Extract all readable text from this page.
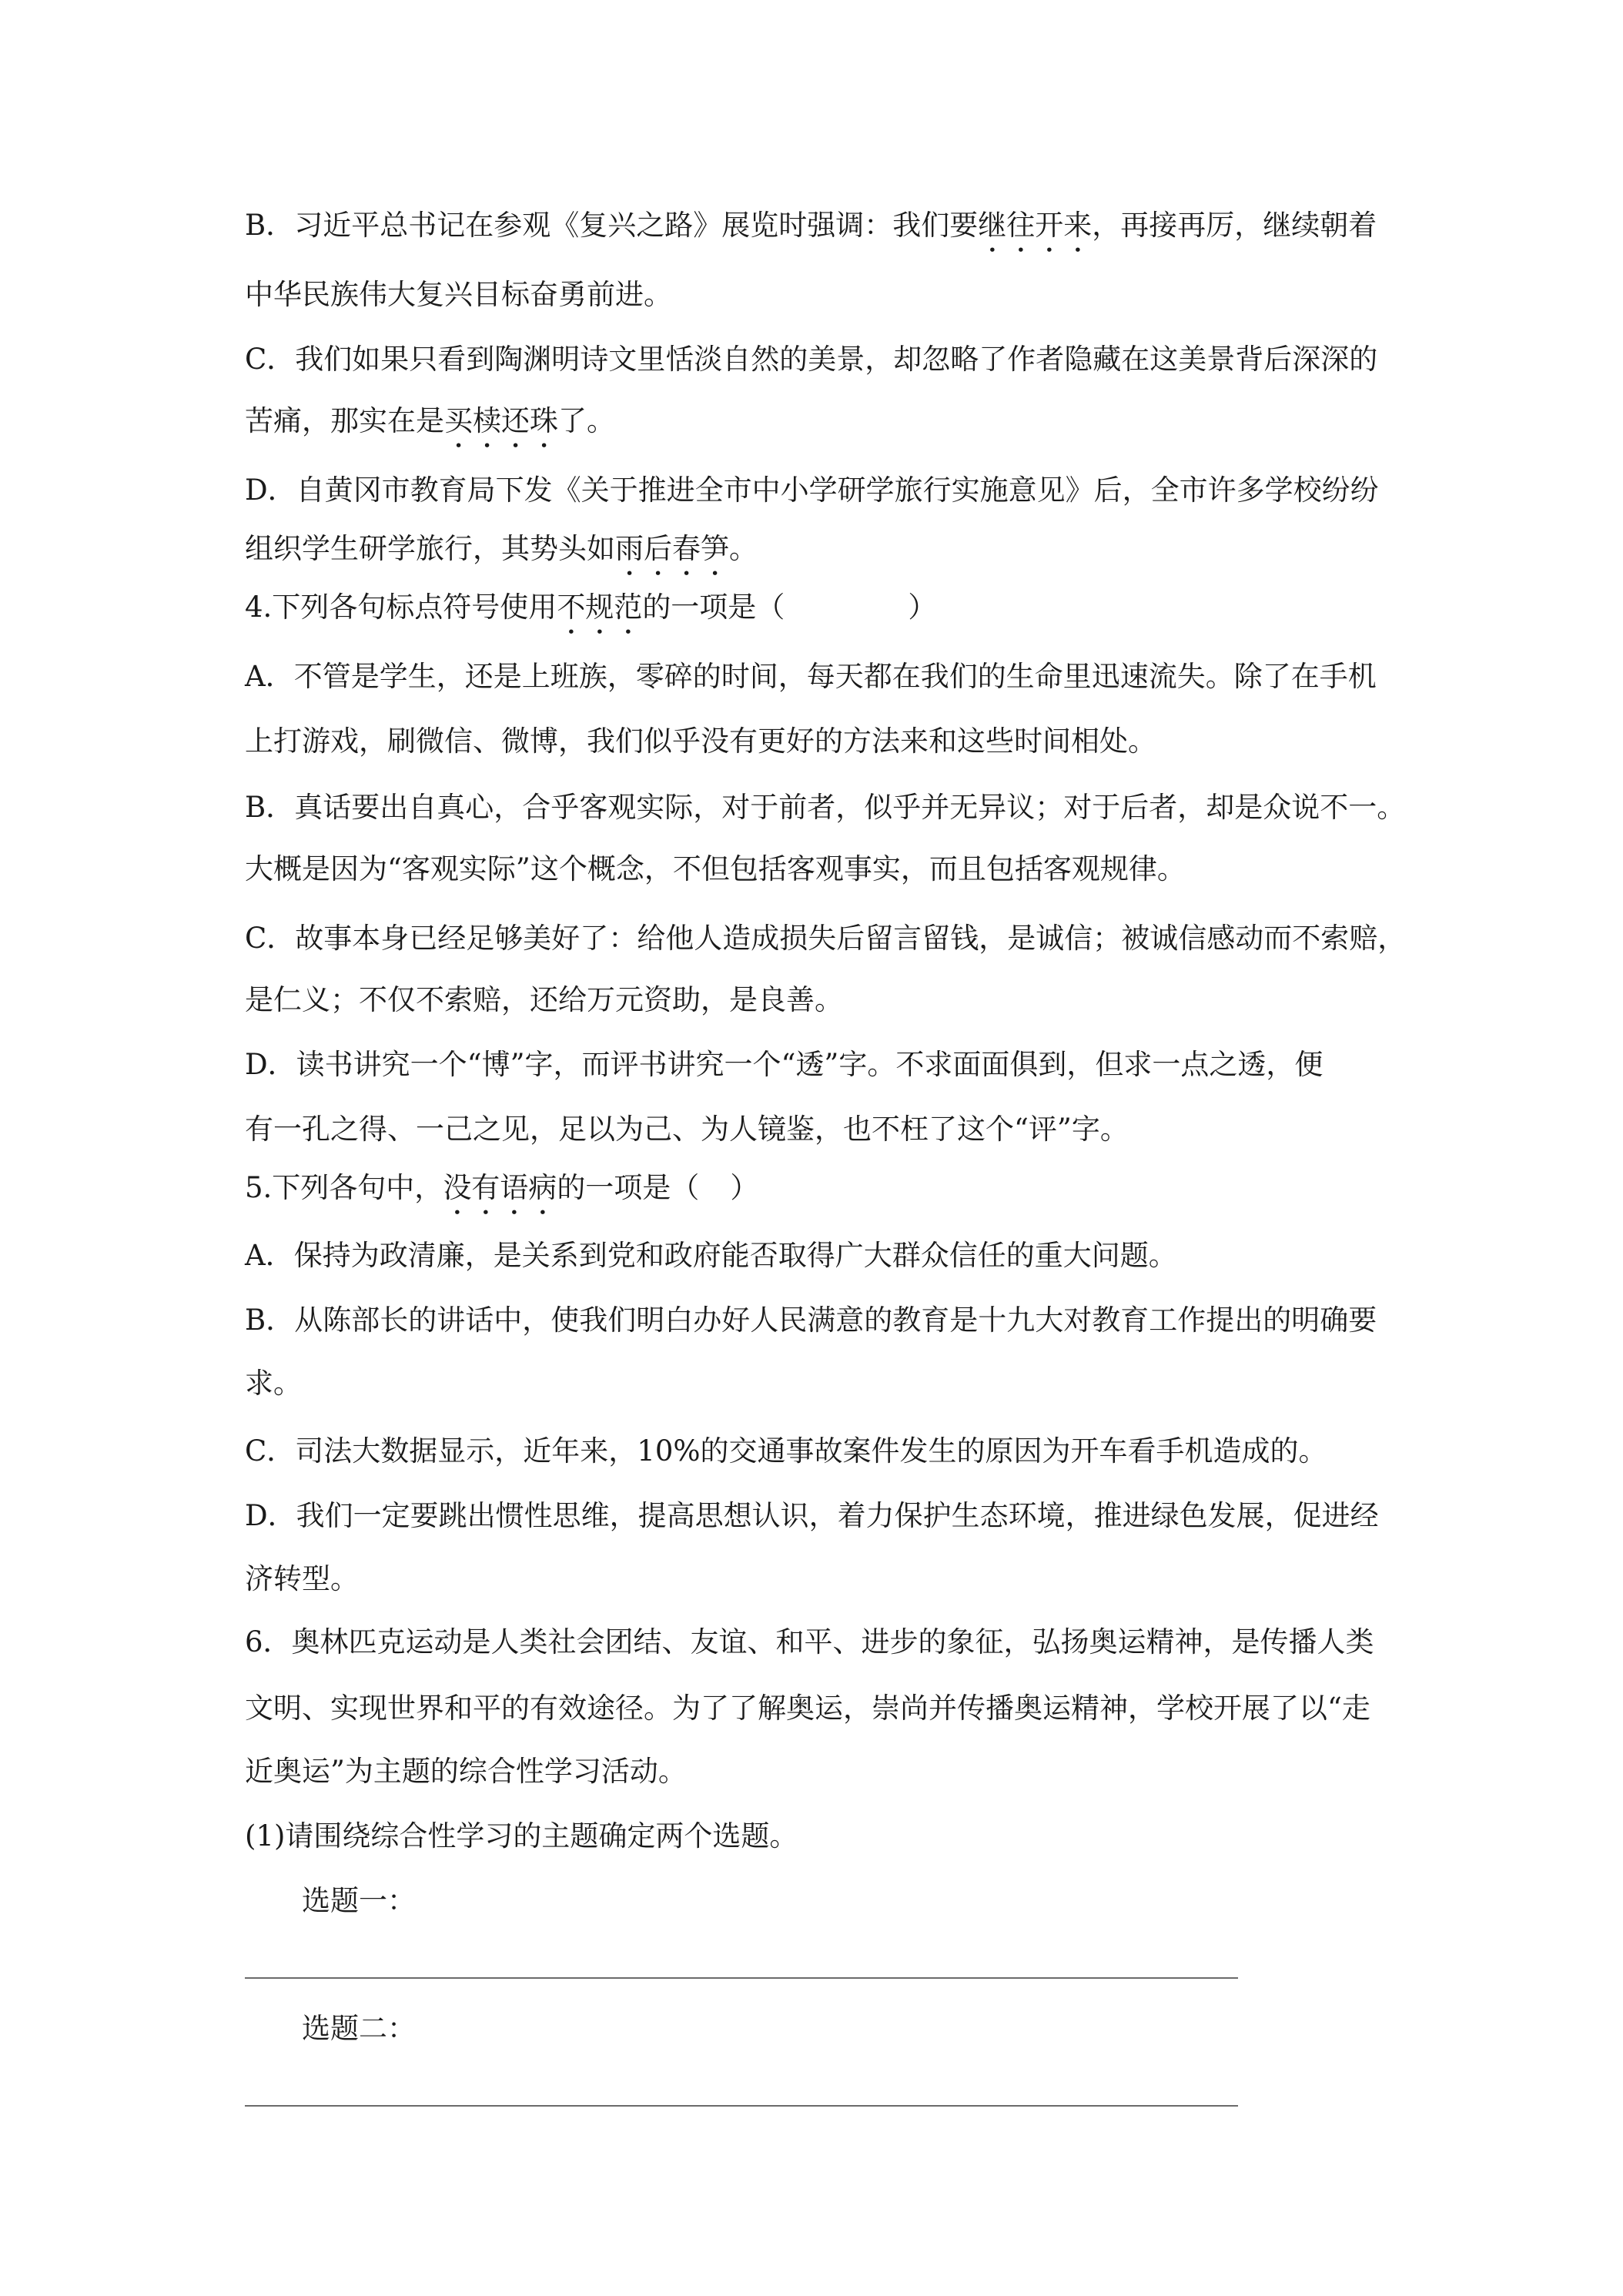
B．习近平总书记在参观《复兴之路》展览时强调：我们要继往开来，再接再厉，继续朝着
中华民族伟大复兴目标奋勇前进。
C．我们如果只看到陶渊明诗文里恬淡自然的美景，却忽略了作者隐藏在这美景背后深深的
苦痛，那实在是买椟还珠了。
D．自黄冈市教育局下发《关于推进全市中小学研学旅行实施意见》后，全市许多学校纷纷
组织学生研学旅行，其势头如雨后春笋。
4.下列各句标点符号使用不规范的一项是（	）
A．不管是学生，还是上班族，零碎的时间，每天都在我们的生命里迅速流失。除了在手机
上打游戏，刷微信、微博，我们似乎没有更好的方法来和这些时间相处。
B．真话要出自真心，合乎客观实际，对于前者，似乎并无异议；对于后者，却是众说不一。
大概是因为“客观实际”这个概念，不但包括客观事实，而且包括客观规律。
C．故事本身已经足够美好了：给他人造成损失后留言留钱，是诚信；被诚信感动而不索赔，
是仁义；不仅不索赔，还给万元资助，是良善。
D．读书讲究一个“博”字，而评书讲究一个“透”字。不求面面俱到，但求一点之透，便
有一孔之得、一己之见，足以为己、为人镜鉴，也不枉了这个“评”字。
5.下列各句中，没有语病的一项是（ ）
A．保持为政清廉，是关系到党和政府能否取得广大群众信任的重大问题。
B．从陈部长的讲话中，使我们明白办好人民满意的教育是十九大对教育工作提出的明确要
求。
C．司法大数据显示，近年来，10%的交通事故案件发生的原因为开车看手机造成的。
D．我们一定要跳出惯性思维，提高思想认识，着力保护生态环境，推进绿色发展，促进经
济转型。
6．奥林匹克运动是人类社会团结、友谊、和平、进步的象征，弘扬奥运精神，是传播人类
文明、实现世界和平的有效途径。为了了解奥运，崇尚并传播奥运精神，学校开展了以“走
近奥运”为主题的综合性学习活动。
(1)请围绕综合性学习的主题确定两个选题。
选题一：
选题二：
